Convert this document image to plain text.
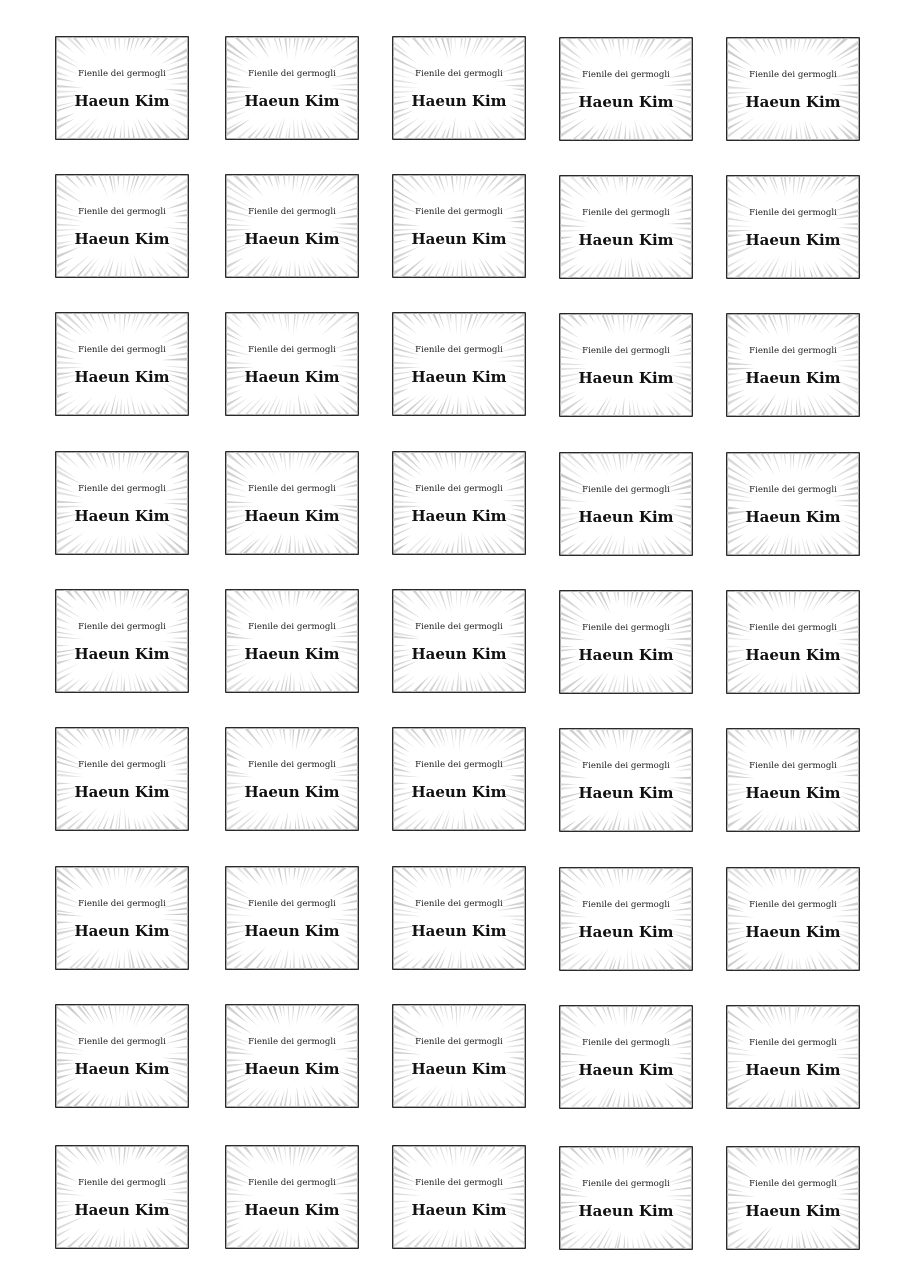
Fienile dei germogli
Haeun Kim
Fienile dei germogli
Haeun Kim
Fienile dei germogli
Haeun Kim
Fienile dei germogli
Haeun Kim
Fienile dei germogli
Haeun Kim
Fienile dei germogli
Haeun Kim
Fienile dei germogli
Haeun Kim
Fienile dei germogli
Haeun Kim
Fienile dei germogli
Haeun Kim
Fienile dei germogli
Haeun Kim
Fienile dei germogli
Haeun Kim
Fienile dei germogli
Haeun Kim
Fienile dei germogli
Haeun Kim
Fienile dei germogli
Haeun Kim
Fienile dei germogli
Haeun Kim
Fienile dei germogli
Haeun Kim
Fienile dei germogli
Haeun Kim
Fienile dei germogli
Haeun Kim
Fienile dei germogli
Haeun Kim
Fienile dei germogli
Haeun Kim
Fienile dei germogli
Haeun Kim
Fienile dei germogli
Haeun Kim
Fienile dei germogli
Haeun Kim
Fienile dei germogli
Haeun Kim
Fienile dei germogli
Haeun Kim
Fienile dei germogli
Haeun Kim
Fienile dei germogli
Haeun Kim
Fienile dei germogli
Haeun Kim
Fienile dei germogli
Haeun Kim
Fienile dei germogli
Haeun Kim
Fienile dei germogli
Haeun Kim
Fienile dei germogli
Haeun Kim
Fienile dei germogli
Haeun Kim
Fienile dei germogli
Haeun Kim
Fienile dei germogli
Haeun Kim
Fienile dei germogli
Haeun Kim
Fienile dei germogli
Haeun Kim
Fienile dei germogli
Haeun Kim
Fienile dei germogli
Haeun Kim
Fienile dei germogli
Haeun Kim
Fienile dei germogli
Haeun Kim
Fienile dei germogli
Haeun Kim
Fienile dei germogli
Haeun Kim
Fienile dei germogli
Haeun Kim
Fienile dei germogli
Haeun Kim
